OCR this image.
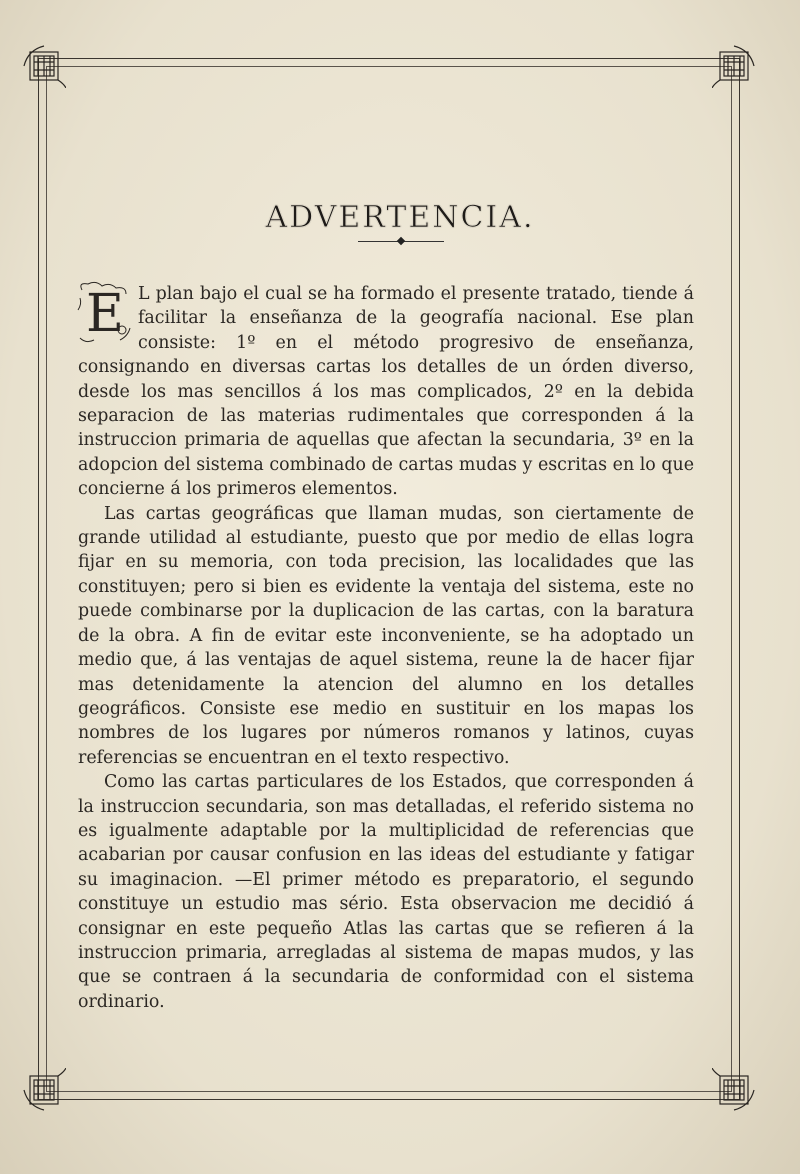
ADVERTENCIA.
E L plan bajo el cual se ha formado el presente tratado, tiende á facilitar la enseñanza de la geografía nacional. Ese plan consiste: 1º en el método progresivo de enseñanza, consignando en diversas cartas los detalles de un órden diverso, desde los mas sencillos á los mas complicados, 2º en la debida separacion de las materias rudimentales que corresponden á la instruccion primaria de aquellas que afectan la secundaria, 3º en la adopcion del sistema combinado de cartas mudas y escritas en lo que concierne á los primeros elementos.

Las cartas geográficas que llaman mudas, son ciertamente de grande utilidad al estudiante, puesto que por medio de ellas logra fijar en su memoria, con toda precision, las localidades que las constituyen; pero si bien es evidente la ventaja del sistema, este no puede combinarse por la duplicacion de las cartas, con la baratura de la obra. A fin de evitar este inconveniente, se ha adoptado un medio que, á las ventajas de aquel sistema, reune la de hacer fijar mas detenidamente la atencion del alumno en los detalles geográficos. Consiste ese medio en sustituir en los mapas los nombres de los lugares por números romanos y latinos, cuyas referencias se encuentran en el texto respectivo.

Como las cartas particulares de los Estados, que corresponden á la instruccion secundaria, son mas detalladas, el referido sistema no es igualmente adaptable por la multiplicidad de referencias que acabarian por causar confusion en las ideas del estudiante y fatigar su imaginacion. —El primer método es preparatorio, el segundo constituye un estudio mas sério. Esta observacion me decidió á consignar en este pequeño Atlas las cartas que se refieren á la instruccion primaria, arregladas al sistema de mapas mudos, y las que se contraen á la secundaria de conformidad con el sistema ordinario.
